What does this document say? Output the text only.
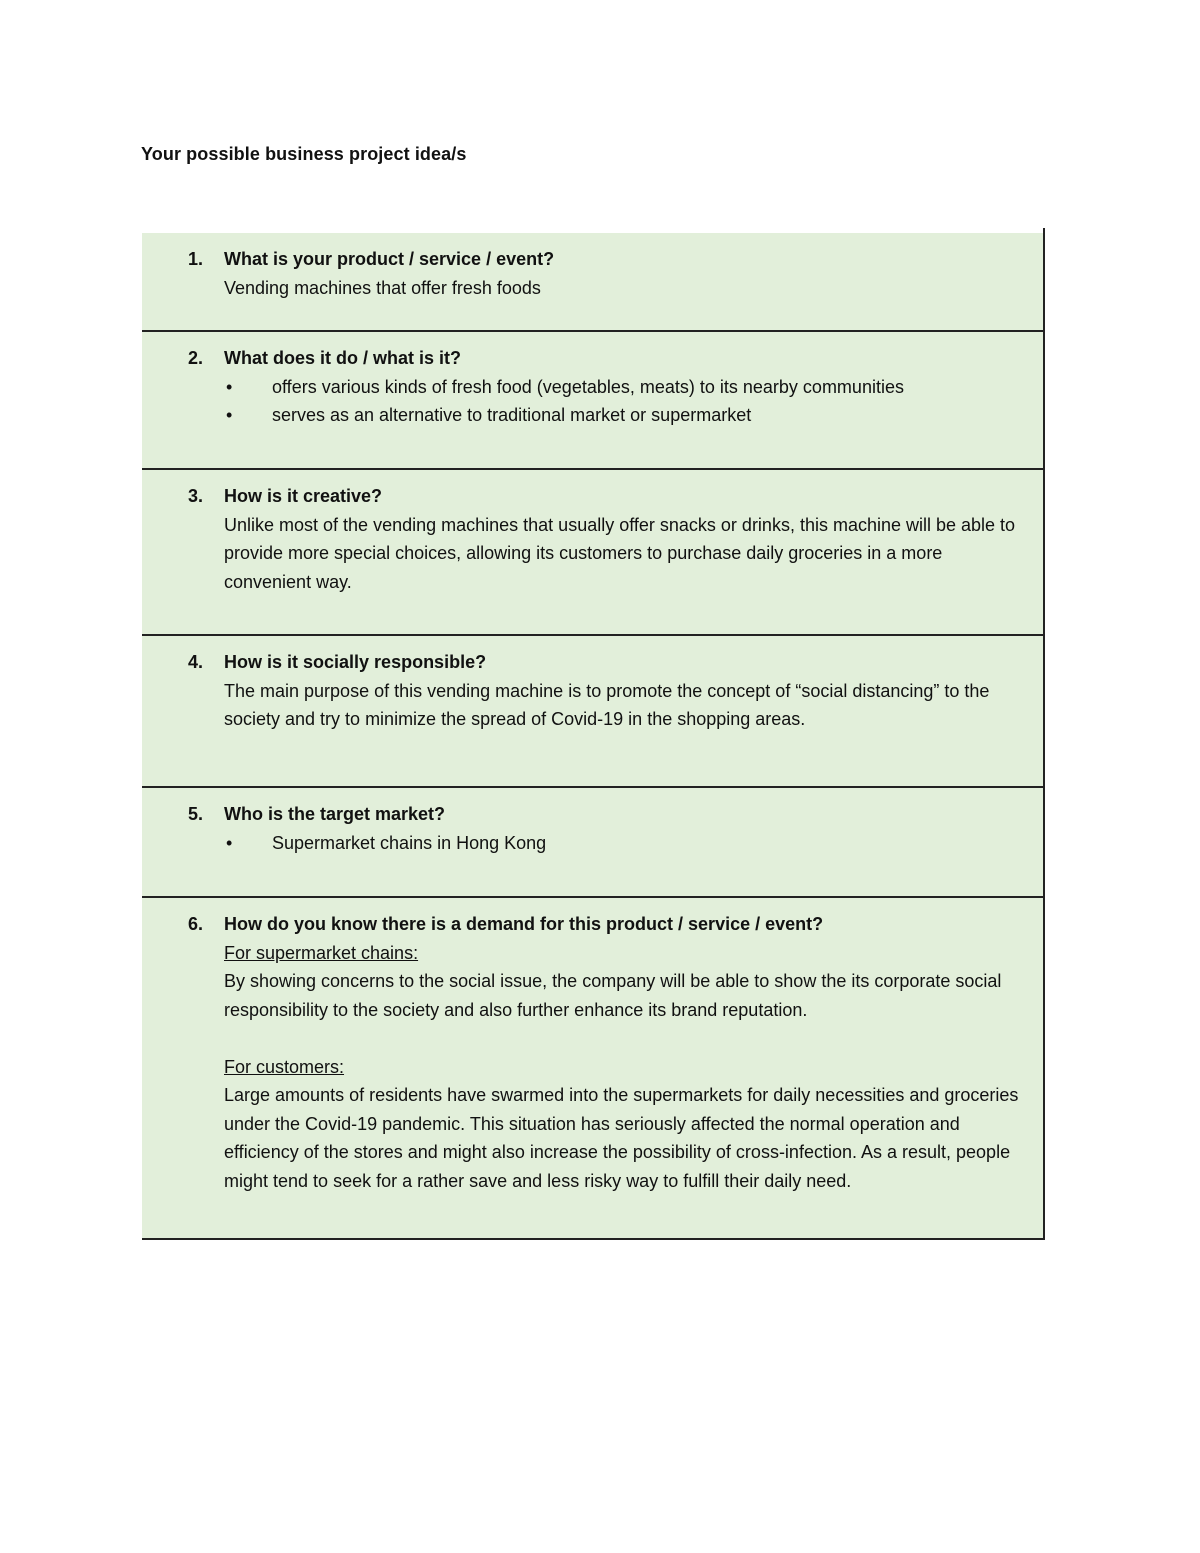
Your possible business project idea/s
1. What is your product / service / event?
Vending machines that offer fresh foods
2. What does it do / what is it?
• offers various kinds of fresh food (vegetables, meats) to its nearby communities
• serves as an alternative to traditional market or supermarket
3. How is it creative?
Unlike most of the vending machines that usually offer snacks or drinks, this machine will be able to provide more special choices, allowing its customers to purchase daily groceries in a more convenient way.
4. How is it socially responsible?
The main purpose of this vending machine is to promote the concept of “social distancing” to the society and try to minimize the spread of Covid-19 in the shopping areas.
5. Who is the target market?
• Supermarket chains in Hong Kong
6. How do you know there is a demand for this product / service / event?
For supermarket chains:
By showing concerns to the social issue, the company will be able to show the its corporate social responsibility to the society and also further enhance its brand reputation.
For customers:
Large amounts of residents have swarmed into the supermarkets for daily necessities and groceries under the Covid-19 pandemic. This situation has seriously affected the normal operation and efficiency of the stores and might also increase the possibility of cross-infection. As a result, people might tend to seek for a rather save and less risky way to fulfill their daily need.
